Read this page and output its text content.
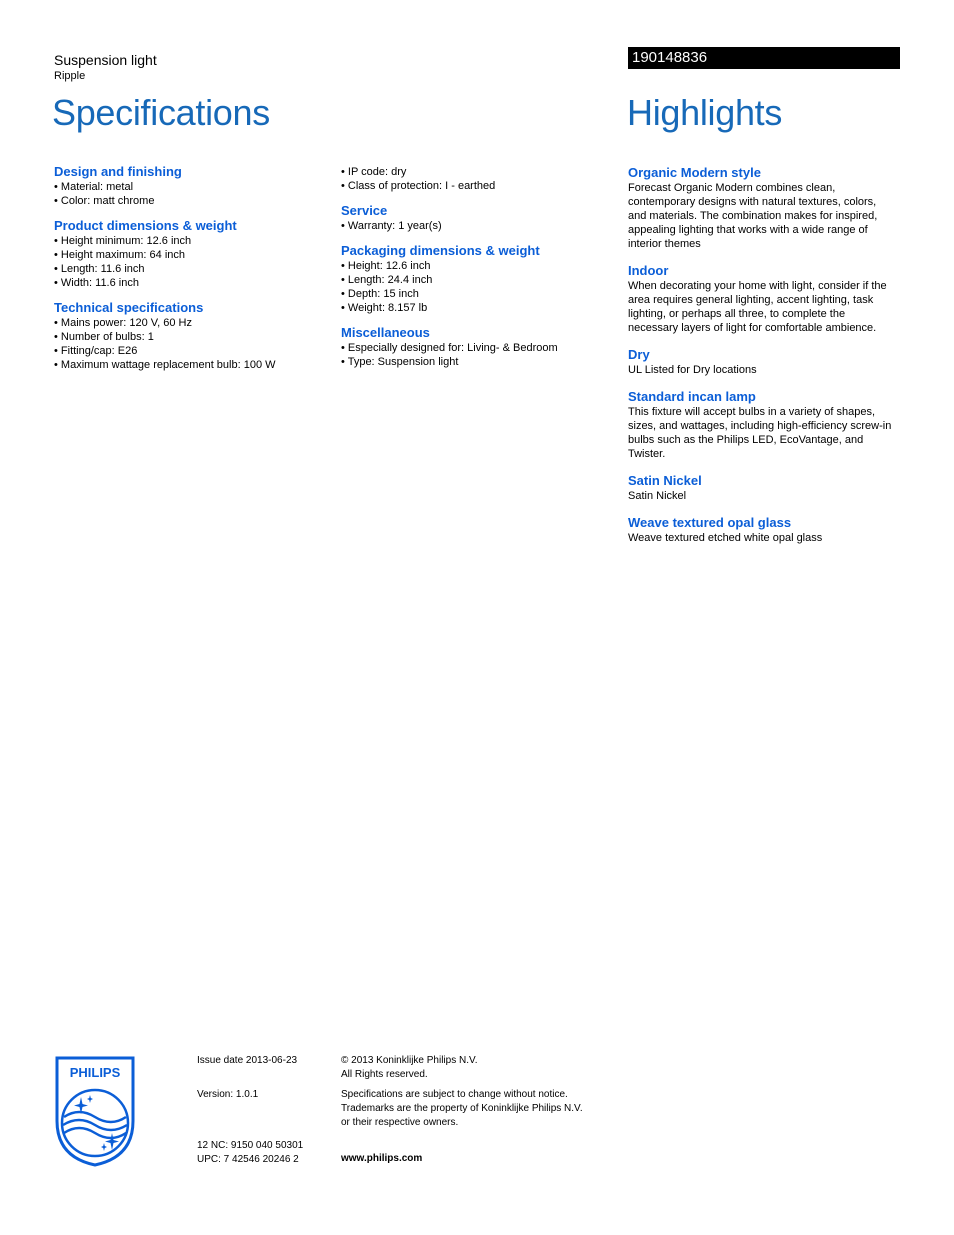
Suspension light
Ripple
Specifications
190148836
Highlights
Design and finishing
• Material: metal
• Color: matt chrome
Product dimensions & weight
• Height minimum: 12.6 inch
• Height maximum: 64 inch
• Length: 11.6 inch
• Width: 11.6 inch
Technical specifications
• Mains power: 120 V, 60 Hz
• Number of bulbs: 1
• Fitting/cap: E26
• Maximum wattage replacement bulb: 100 W
• IP code: dry
• Class of protection: I - earthed
Service
• Warranty: 1 year(s)
Packaging dimensions & weight
• Height: 12.6 inch
• Length: 24.4 inch
• Depth: 15 inch
• Weight: 8.157 lb
Miscellaneous
• Especially designed for: Living- & Bedroom
• Type: Suspension light
Organic Modern style
Forecast Organic Modern combines clean,
contemporary designs with natural textures, colors,
and materials. The combination makes for inspired,
appealing lighting that works with a wide range of
interior themes
Indoor
When decorating your home with light, consider if the
area requires general lighting, accent lighting, task
lighting, or perhaps all three, to complete the
necessary layers of light for comfortable ambience.
Dry
UL Listed for Dry locations
Standard incan lamp
This fixture will accept bulbs in a variety of shapes,
sizes, and wattages, including high-efficiency screw-in
bulbs such as the Philips LED, EcoVantage, and
Twister.
Satin Nickel
Satin Nickel
Weave textured opal glass
Weave textured etched white opal glass
PHILIPS
Issue date 2013-06-23
Version: 1.0.1
12 NC: 9150 040 50301
UPC: 7 42546 20246 2
© 2013 Koninklijke Philips N.V.
All Rights reserved.
Specifications are subject to change without notice.
Trademarks are the property of Koninklijke Philips N.V.
or their respective owners.
www.philips.com
